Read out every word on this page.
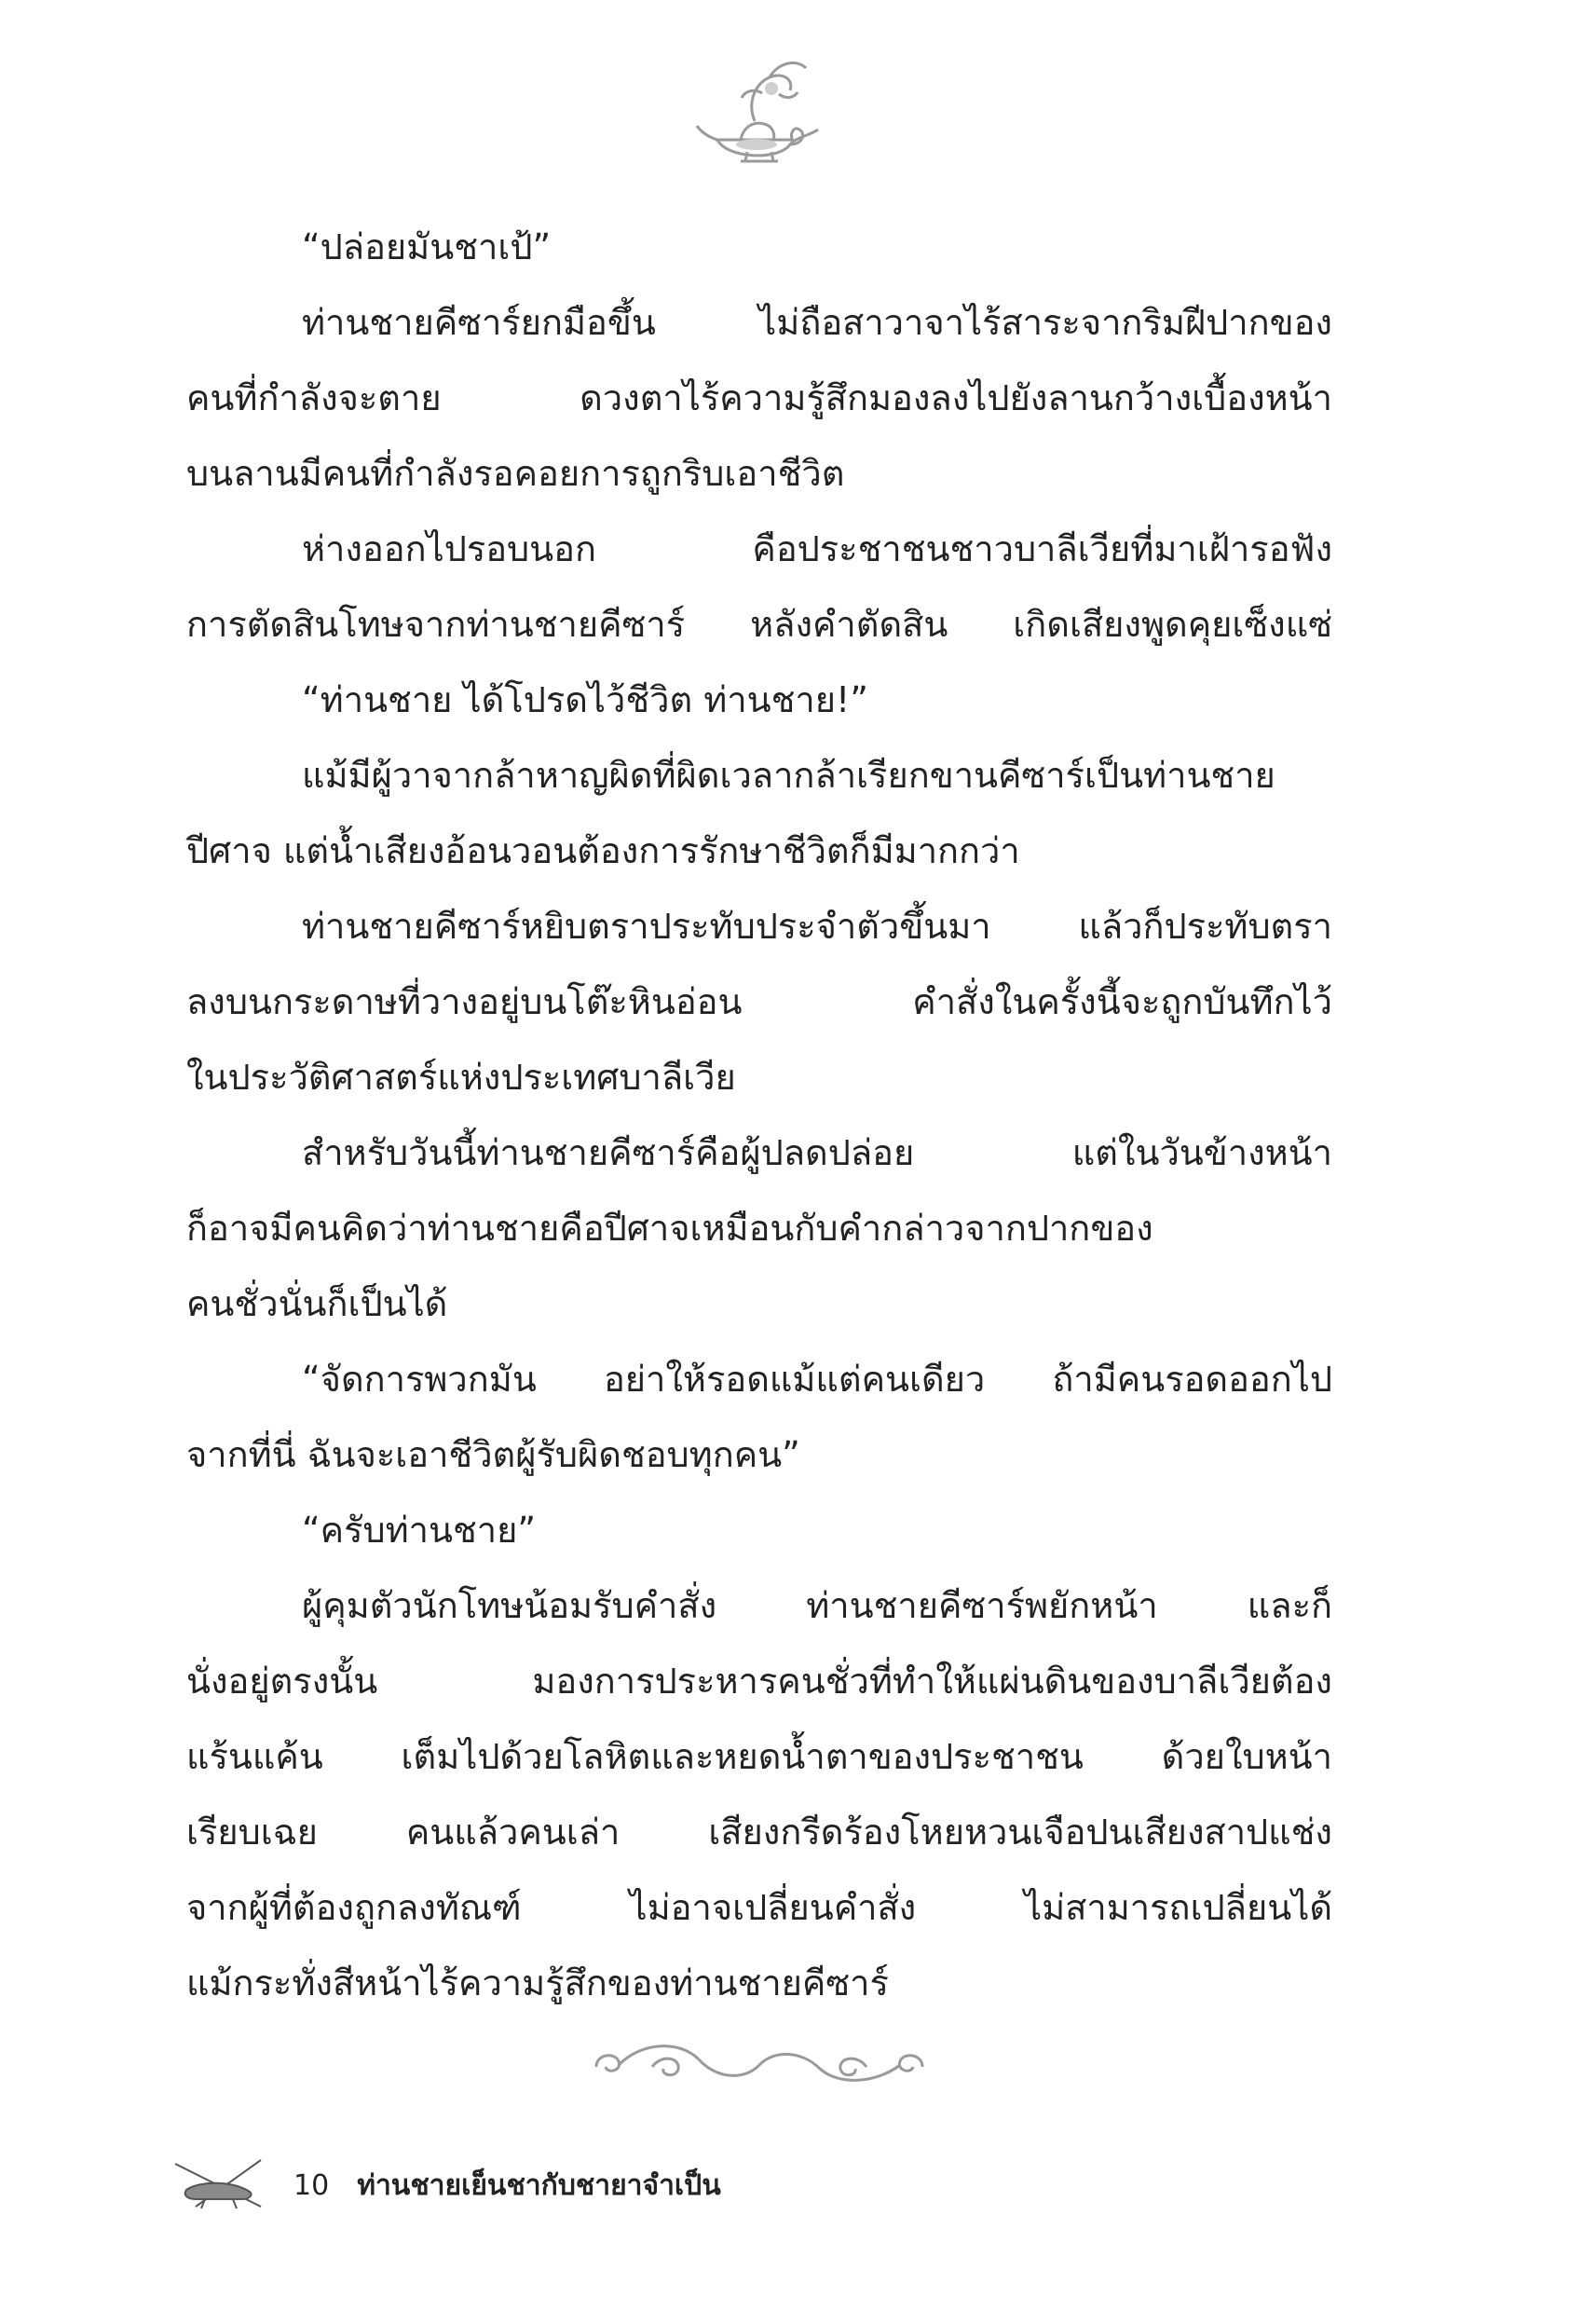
“ปล่อยมันชาเป้”
ท่านชายคีซาร์ยกมือขึ้น ไม่ถือสาวาจาไร้สาระจากริมฝีปากของ
คนที่กำลังจะตาย ดวงตาไร้ความรู้สึกมองลงไปยังลานกว้างเบื้องหน้า
บนลานมีคนที่กำลังรอคอยการถูกริบเอาชีวิต
ห่างออกไปรอบนอก คือประชาชนชาวบาลีเวียที่มาเฝ้ารอฟัง
การตัดสินโทษจากท่านชายคีซาร์ หลังคำตัดสิน เกิดเสียงพูดคุยเซ็งแซ่
“ท่านชาย ได้โปรดไว้ชีวิต ท่านชาย!”
แม้มีผู้วาจากล้าหาญผิดที่ผิดเวลากล้าเรียกขานคีซาร์เป็นท่านชาย
ปีศาจ แต่น้ำเสียงอ้อนวอนต้องการรักษาชีวิตก็มีมากกว่า
ท่านชายคีซาร์หยิบตราประทับประจำตัวขึ้นมา แล้วก็ประทับตรา
ลงบนกระดาษที่วางอยู่บนโต๊ะหินอ่อน คำสั่งในครั้งนี้จะถูกบันทึกไว้
ในประวัติศาสตร์แห่งประเทศบาลีเวีย
สำหรับวันนี้ท่านชายคีซาร์คือผู้ปลดปล่อย แต่ในวันข้างหน้า
ก็อาจมีคนคิดว่าท่านชายคือปีศาจเหมือนกับคำกล่าวจากปากของ
คนชั่วนั่นก็เป็นได้
“จัดการพวกมัน อย่าให้รอดแม้แต่คนเดียว ถ้ามีคนรอดออกไป
จากที่นี่ ฉันจะเอาชีวิตผู้รับผิดชอบทุกคน”
“ครับท่านชาย”
ผู้คุมตัวนักโทษน้อมรับคำสั่ง ท่านชายคีซาร์พยักหน้า และก็
นั่งอยู่ตรงนั้น มองการประหารคนชั่วที่ทำให้แผ่นดินของบาลีเวียต้อง
แร้นแค้น เต็มไปด้วยโลหิตและหยดน้ำตาของประชาชน ด้วยใบหน้า
เรียบเฉย คนแล้วคนเล่า เสียงกรีดร้องโหยหวนเจือปนเสียงสาปแช่ง
จากผู้ที่ต้องถูกลงทัณฑ์ ไม่อาจเปลี่ยนคำสั่ง ไม่สามารถเปลี่ยนได้
แม้กระทั่งสีหน้าไร้ความรู้สึกของท่านชายคีซาร์
10 ท่านชายเย็นชากับชายาจำเป็น
